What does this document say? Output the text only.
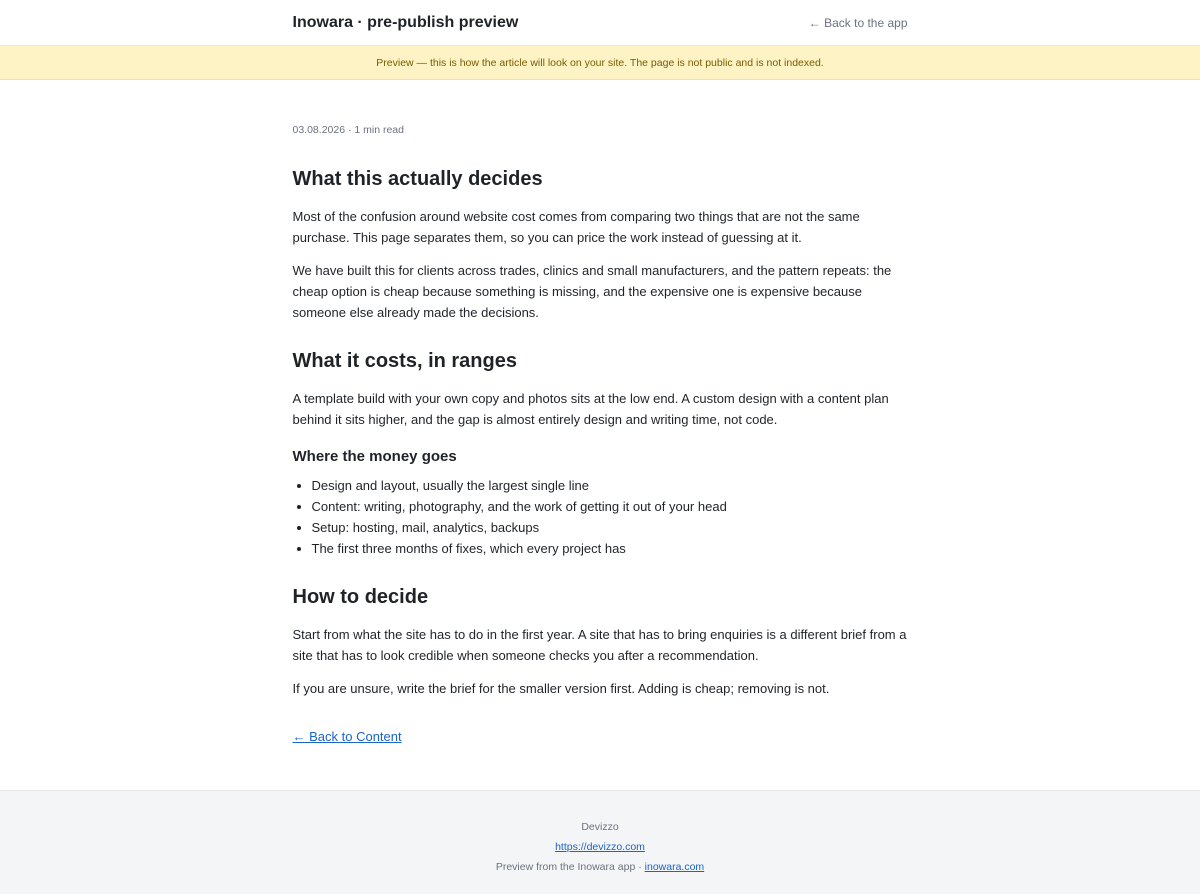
Inowara · pre-publish preview	← Back to the app
Preview — this is how the article will look on your site. The page is not public and is not indexed.
03.08.2026 · 1 min read
What this actually decides

Most of the confusion around website cost comes from comparing two things that are not the same purchase. This page separates them, so you can price the work instead of guessing at it.

We have built this for clients across trades, clinics and small manufacturers, and the pattern repeats: the cheap option is cheap because something is missing, and the expensive one is expensive because someone else already made the decisions.

What it costs, in ranges

A template build with your own copy and photos sits at the low end. A custom design with a content plan behind it sits higher, and the gap is almost entirely design and writing time, not code.

Where the money goes
• Design and layout, usually the largest single line
• Content: writing, photography, and the work of getting it out of your head
• Setup: hosting, mail, analytics, backups
• The first three months of fixes, which every project has
How to decide

Start from what the site has to do in the first year. A site that has to bring enquiries is a different brief from a site that has to look credible when someone checks you after a recommendation.

If you are unsure, write the brief for the smaller version first. Adding is cheap; removing is not.

← Back to Content
Devizzo
https://devizzo.com
Preview from the Inowara app · inowara.com
